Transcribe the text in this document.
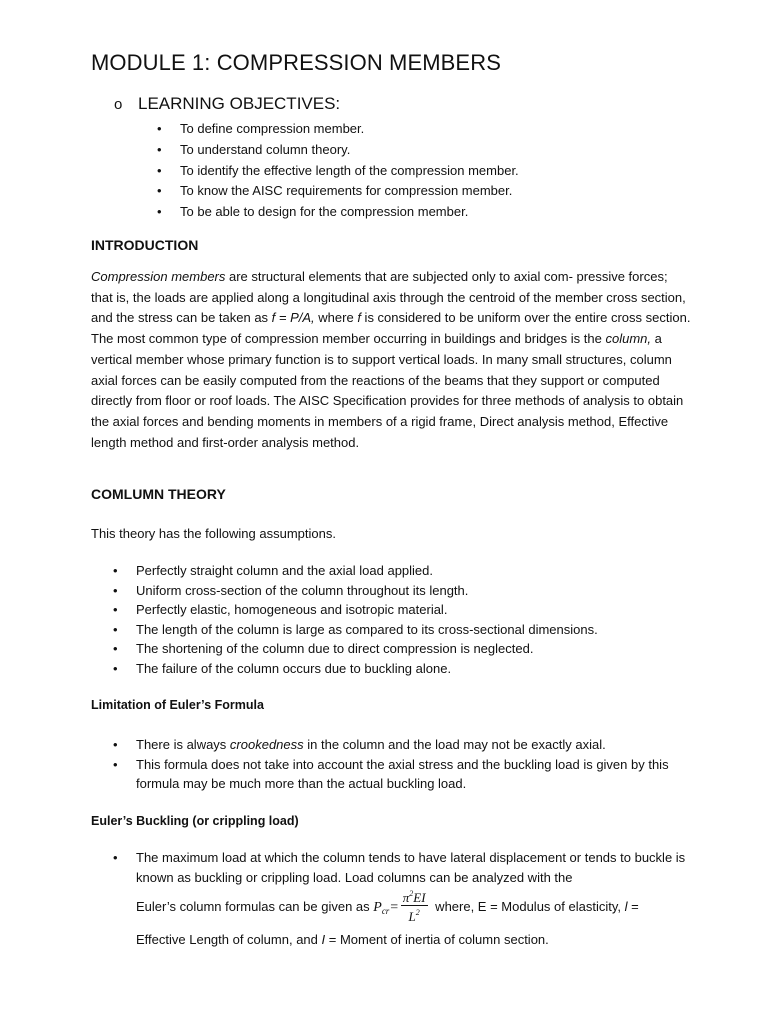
MODULE 1: COMPRESSION MEMBERS
o LEARNING OBJECTIVES:
• To define compression member.
• To understand column theory.
• To identify the effective length of the compression member.
• To know the AISC requirements for compression member.
• To be able to design for the compression member.
INTRODUCTION
Compression members are structural elements that are subjected only to axial com- pressive forces; that is, the loads are applied along a longitudinal axis through the centroid of the member cross section, and the stress can be taken as f = P/A, where f is considered to be uniform over the entire cross section. The most common type of compression member occurring in buildings and bridges is the column, a vertical member whose primary function is to support vertical loads. In many small structures, column axial forces can be easily computed from the reactions of the beams that they support or computed directly from floor or roof loads. The AISC Specification provides for three methods of analysis to obtain the axial forces and bending moments in members of a rigid frame, Direct analysis method, Effective length method and first-order analysis method.
COMLUMN THEORY
This theory has the following assumptions.
• Perfectly straight column and the axial load applied.
• Uniform cross-section of the column throughout its length.
• Perfectly elastic, homogeneous and isotropic material.
• The length of the column is large as compared to its cross-sectional dimensions.
• The shortening of the column due to direct compression is neglected.
• The failure of the column occurs due to buckling alone.
Limitation of Euler’s Formula
• There is always crookedness in the column and the load may not be exactly axial.
• This formula does not take into account the axial stress and the buckling load is given by this formula may be much more than the actual buckling load.
Euler’s Buckling (or crippling load)
• The maximum load at which the column tends to have lateral displacement or tends to buckle is known as buckling or crippling load. Load columns can be analyzed with the
Euler’s column formulas can be given as $P_{cr}= \frac{\pi^2EI}{L^2}$ where, E = Modulus of elasticity, l =
Effective Length of column, and I = Moment of inertia of column section.
